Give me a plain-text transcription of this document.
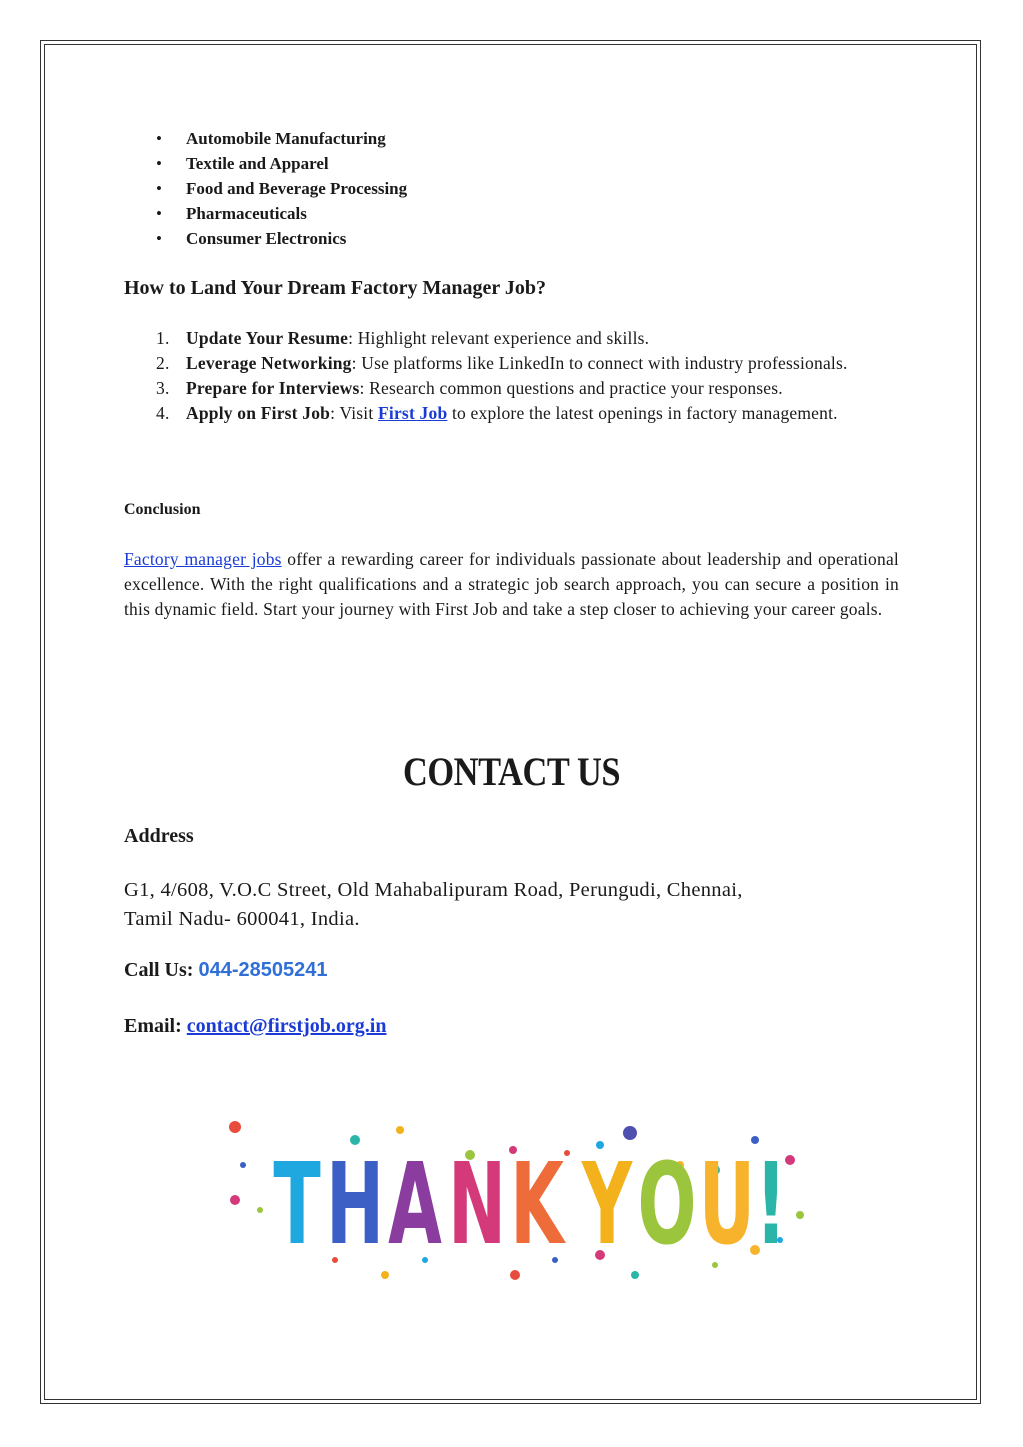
• Automobile Manufacturing
• Textile and Apparel
• Food and Beverage Processing
• Pharmaceuticals
• Consumer Electronics
How to Land Your Dream Factory Manager Job?
1. Update Your Resume: Highlight relevant experience and skills.
2. Leverage Networking: Use platforms like LinkedIn to connect with industry professionals.
3. Prepare for Interviews: Research common questions and practice your responses.
4. Apply on First Job: Visit First Job to explore the latest openings in factory management.
Conclusion

Factory manager jobs offer a rewarding career for individuals passionate about leadership and operational excellence. With the right qualifications and a strategic job search approach, you can secure a position in this dynamic field. Start your journey with First Job and take a step closer to achieving your career goals.

CONTACT US
Address
G1, 4/608, V.O.C Street, Old Mahabalipuram Road, Perungudi, Chennai,
Tamil Nadu- 600041, India.
Call Us: 044-28505241
Email: contact@firstjob.org.in
T H A N K Y O U !
